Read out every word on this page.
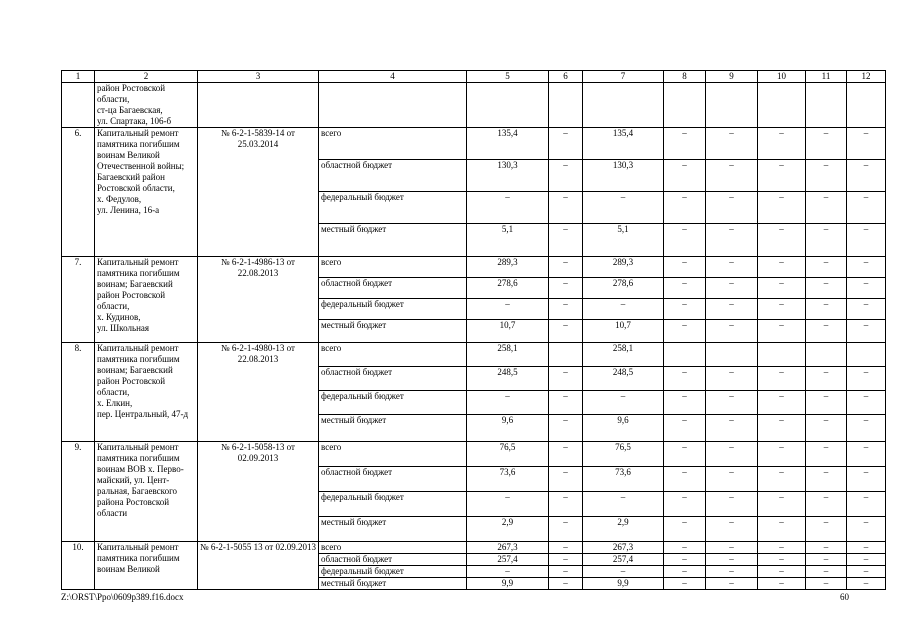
1	2	3	4	5	6	7	8	9	10	11	12
	район Ростовской области,
ст-ца Багаевская,
ул. Спартака, 106-б										
6.	Капитальный ремонт памятника погибшим воинам Великой Отечественной войны; Багаевский район Ростовской области,
х. Федулов,
ул. Ленина, 16-а	№ 6-2-1-5839-14 от 25.03.2014	всего	135,4	–	135,4	–	–	–	–	–
			областной бюджет	130,3	–	130,3	–	–	–	–	–
			федеральный бюджет	–	–	–	–	–	–	–	–
			местный бюджет	5,1	–	5,1	–	–	–	–	–
7.	Капитальный ремонт памятника погибшим воинам; Багаевский район Ростовской области,
х. Кудинов,
ул. Школьная	№ 6-2-1-4986-13 от 22.08.2013	всего	289,3	–	289,3	–	–	–	–	–
			областной бюджет	278,6	–	278,6	–	–	–	–	–
			федеральный бюджет	–	–	–	–	–	–	–	–
			местный бюджет	10,7	–	10,7	–	–	–	–	–
8.	Капитальный ремонт памятника погибшим воинам; Багаевский район Ростовской области,
х. Елкин,
пер. Центральный, 47-д	№ 6-2-1-4980-13 от 22.08.2013	всего	258,1		258,1					
			областной бюджет	248,5	–	248,5	–	–	–	–	–
			федеральный бюджет	–	–	–	–	–	–	–	–
			местный бюджет	9,6	–	9,6	–	–	–	–	–
9.	Капитальный ремонт памятника погибшим воинам ВОВ х. Перво-майский, ул. Цент-ральная, Багаевского района Ростовской области	№ 6-2-1-5058-13 от 02.09.2013	всего	76,5	–	76,5	–	–	–	–	–
			областной бюджет	73,6	–	73,6	–	–	–	–	–
			федеральный бюджет	–	–	–	–	–	–	–	–
			местный бюджет	2,9	–	2,9	–	–	–	–	–
10.	Капитальный ремонт памятника погибшим воинам Великой	№ 6-2-1-5055 13 от 02.09.2013	всего	267,3	–	267,3	–	–	–	–	–
			областной бюджет	257,4	–	257,4	–	–	–	–	–
			федеральный бюджет	–	–	–	–	–	–	–	–
			местный бюджет	9,9	–	9,9	–	–	–	–	–
Z:\ORST\Ppo\0609p389.f16.docx	60
